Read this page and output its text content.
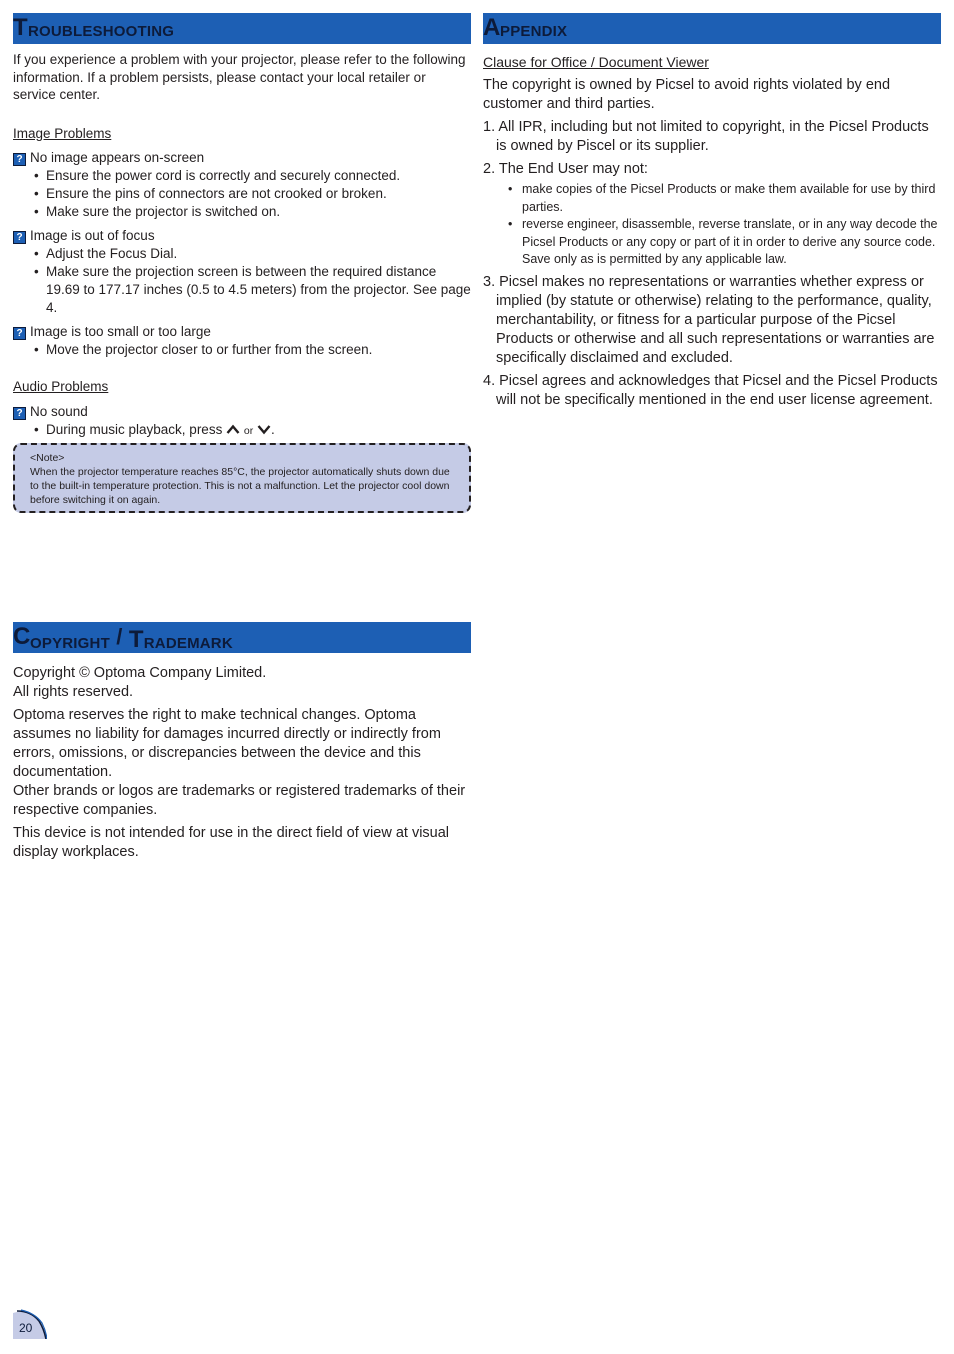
T ROUBLESHOOTING

If you experience a problem with your projector, please refer to the following information. If a problem persists, please contact your local retailer or service center.

Image Problems

? No image appears on-screen
• Ensure the power cord is correctly and securely connected.
• Ensure the pins of connectors are not crooked or broken.
• Make sure the projector is switched on.
? Image is out of focus
• Adjust the Focus Dial.
• Make sure the projection screen is between the required distance 19.69 to 177.17 inches (0.5 to 4.5 meters) from the projector. See page 4.
? Image is too small or too large
• Move the projector closer to or further from the screen.

Audio Problems

? No sound
• During music playback, press or .
<Note>
When the projector temperature reaches 85°C, the projector automatically shuts down due to the built-in temperature protection. This is not a malfunction. Let the projector cool down before switching it on again.
C OPYRIGHT / TRADEMARK

Copyright © Optoma Company Limited.

All rights reserved.

Optoma reserves the right to make technical changes. Optoma assumes no liability for damages incurred directly or indirectly from errors, omissions, or discrepancies between the device and this documentation.

Other brands or logos are trademarks or registered trademarks of their respective companies.

This device is not intended for use in the direct field of view at visual display workplaces.

A PPENDIX

Clause for Office / Document Viewer

The copyright is owned by Picsel to avoid rights violated by end customer and third parties.

1. All IPR, including but not limited to copyright, in the Picsel Products is owned by Piscel or its supplier.
2. The End User may not:
• make copies of the Picsel Products or make them available for use by third parties.
• reverse engineer, disassemble, reverse translate, or in any way decode the Picsel Products or any copy or part of it in order to derive any source code. Save only as is permitted by any applicable law.
3. Picsel makes no representations or warranties whether express or implied (by statute or otherwise) relating to the performance, quality, merchantability, or fitness for a particular purpose of the Picsel Products or otherwise and all such representations or warranties are specifically disclaimed and excluded.
4. Picsel agrees and acknowledges that Picsel and the Picsel Products will not be specifically mentioned in the end user license agreement.
20
